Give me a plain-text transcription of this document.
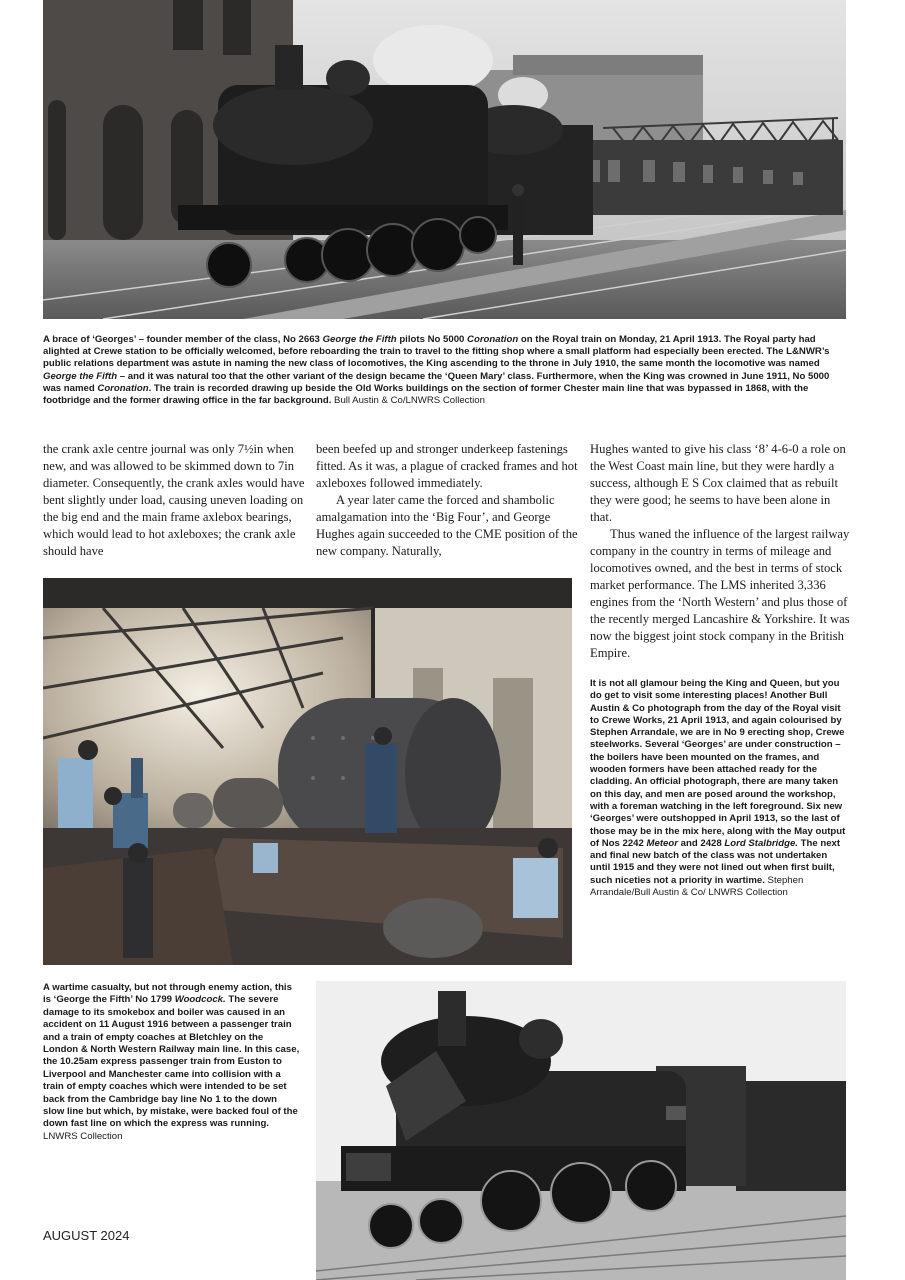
A brace of ‘Georges’ – founder member of the class, No 2663 George the Fifth pilots No 5000 Coronation on the Royal train on Monday, 21 April 1913. The Royal party had alighted at Crewe station to be officially welcomed, before reboarding the train to travel to the fitting shop where a small platform had especially been erected. The L&NWR’s public relations department was astute in naming the new class of locomotives, the King ascending to the throne in July 1910, the same month the locomotive was named George the Fifth – and it was natural too that the other variant of the design became the ‘Queen Mary’ class. Furthermore, when the King was crowned in June 1911, No 5000 was named Coronation. The train is recorded drawing up beside the Old Works buildings on the section of former Chester main line that was bypassed in 1868, with the footbridge and the former drawing office in the far background. Bull Austin & Co/LNWRS Collection

the crank axle centre journal was only 7½in when new, and was allowed to be skimmed down to 7in diameter. Consequently, the crank axles would have bent slightly under load, causing uneven loading on the big end and the main frame axlebox bearings, which would lead to hot axleboxes; the crank axle should have

been beefed up and stronger underkeep fastenings fitted. As it was, a plague of cracked frames and hot axleboxes followed immediately.

A year later came the forced and shambolic amalgamation into the ‘Big Four’, and George Hughes again succeeded to the CME position of the new company. Naturally,

Hughes wanted to give his class ‘8’ 4-6-0 a role on the West Coast main line, but they were hardly a success, although E S Cox claimed that as rebuilt they were good; he seems to have been alone in that.

Thus waned the influence of the largest railway company in the country in terms of mileage and locomotives owned, and the best in terms of stock market performance. The LMS inherited 3,336 engines from the ‘North Western’ and plus those of the recently merged Lancashire & Yorkshire. It was now the biggest joint stock company in the British Empire.

It is not all glamour being the King and Queen, but you do get to visit some interesting places! Another Bull Austin & Co photograph from the day of the Royal visit to Crewe Works, 21 April 1913, and again colourised by Stephen Arrandale, we are in No 9 erecting shop, Crewe steelworks. Several ‘Georges’ are under construction – the boilers have been mounted on the frames, and wooden formers have been attached ready for the cladding. An official photograph, there are many taken on this day, and men are posed around the workshop, with a foreman watching in the left foreground. Six new ‘Georges’ were outshopped in April 1913, so the last of those may be in the mix here, along with the May output of Nos 2242 Meteor and 2428 Lord Stalbridge. The next and final new batch of the class was not undertaken until 1915 and they were not lined out when first built, such niceties not a priority in wartime. Stephen Arrandale/Bull Austin & Co/ LNWRS Collection
A wartime casualty, but not through enemy action, this is ‘George the Fifth’ No 1799 Woodcock. The severe damage to its smokebox and boiler was caused in an accident on 11 August 1916 between a passenger train and a train of empty coaches at Bletchley on the London & North Western Railway main line. In this case, the 10.25am express passenger train from Euston to Liverpool and Manchester came into collision with a train of empty coaches which were intended to be set back from the Cambridge bay line No 1 to the down slow line but which, by mistake, were backed foul of the down fast line on which the express was running. LNWRS Collection
AUGUST 2024
